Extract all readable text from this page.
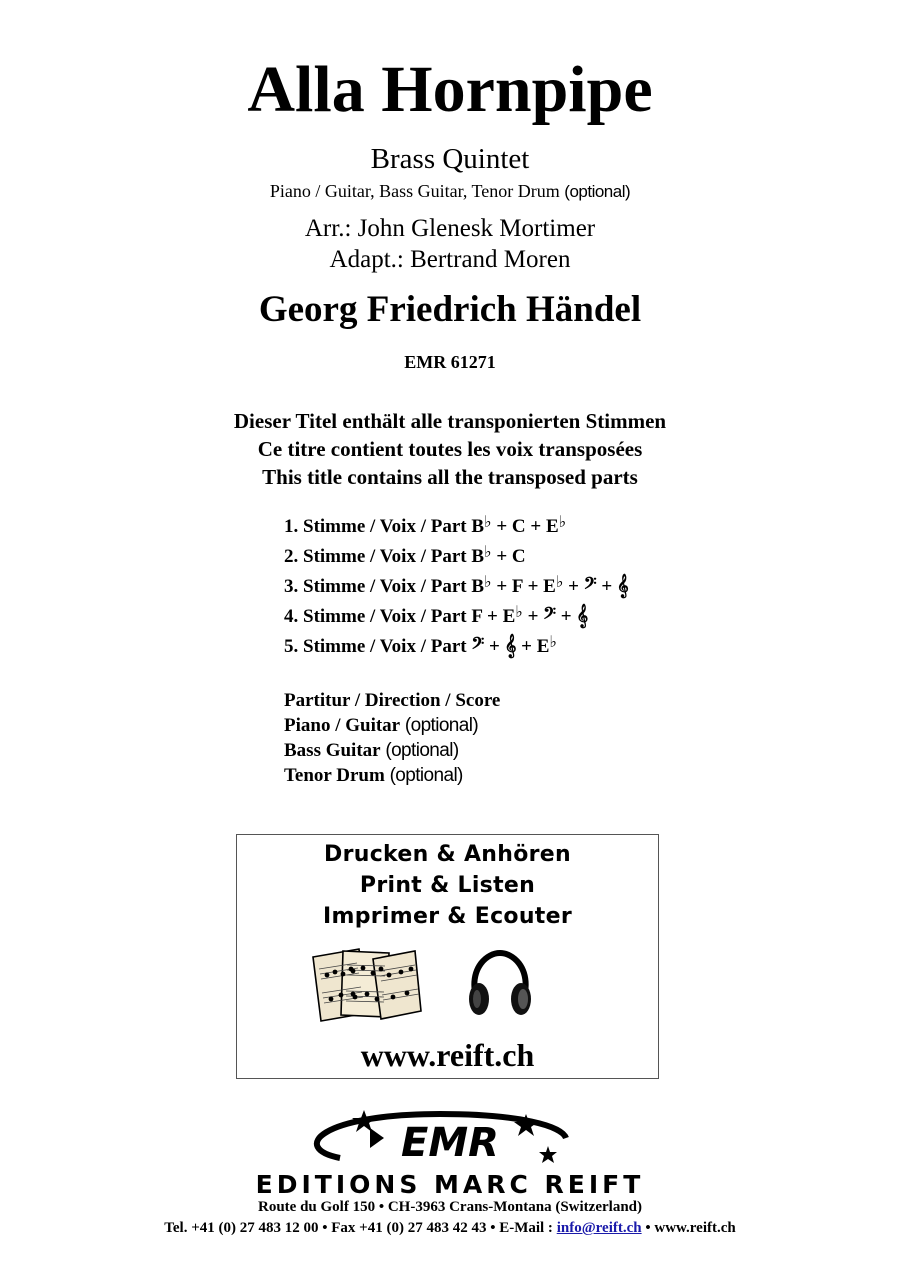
Alla Hornpipe
Brass Quintet
Piano / Guitar, Bass Guitar, Tenor Drum (optional)
Arr.: John Glenesk Mortimer
Adapt.: Bertrand Moren
Georg Friedrich Händel
EMR 61271
Dieser Titel enthält alle transponierten Stimmen
Ce titre contient toutes les voix transposées
This title contains all the transposed parts
1. Stimme / Voix / Part B♭ + C + E♭
2. Stimme / Voix / Part B♭ + C
3. Stimme / Voix / Part B♭ + F + E♭ + 𝄢 + 𝄞
4. Stimme / Voix / Part F + E♭ + 𝄢 + 𝄞
5. Stimme / Voix / Part 𝄢 + 𝄞 + E♭
Partitur / Direction / Score
Piano / Guitar (optional)
Bass Guitar (optional)
Tenor Drum (optional)
Drucken & Anhören
Print & Listen
Imprimer & Ecouter
www.reift.ch
EMR
EDITIONS MARC REIFT
Route du Golf 150 • CH-3963 Crans-Montana (Switzerland)
Tel. +41 (0) 27 483 12 00 • Fax +41 (0) 27 483 42 43 • E-Mail : info@reift.ch • www.reift.ch
